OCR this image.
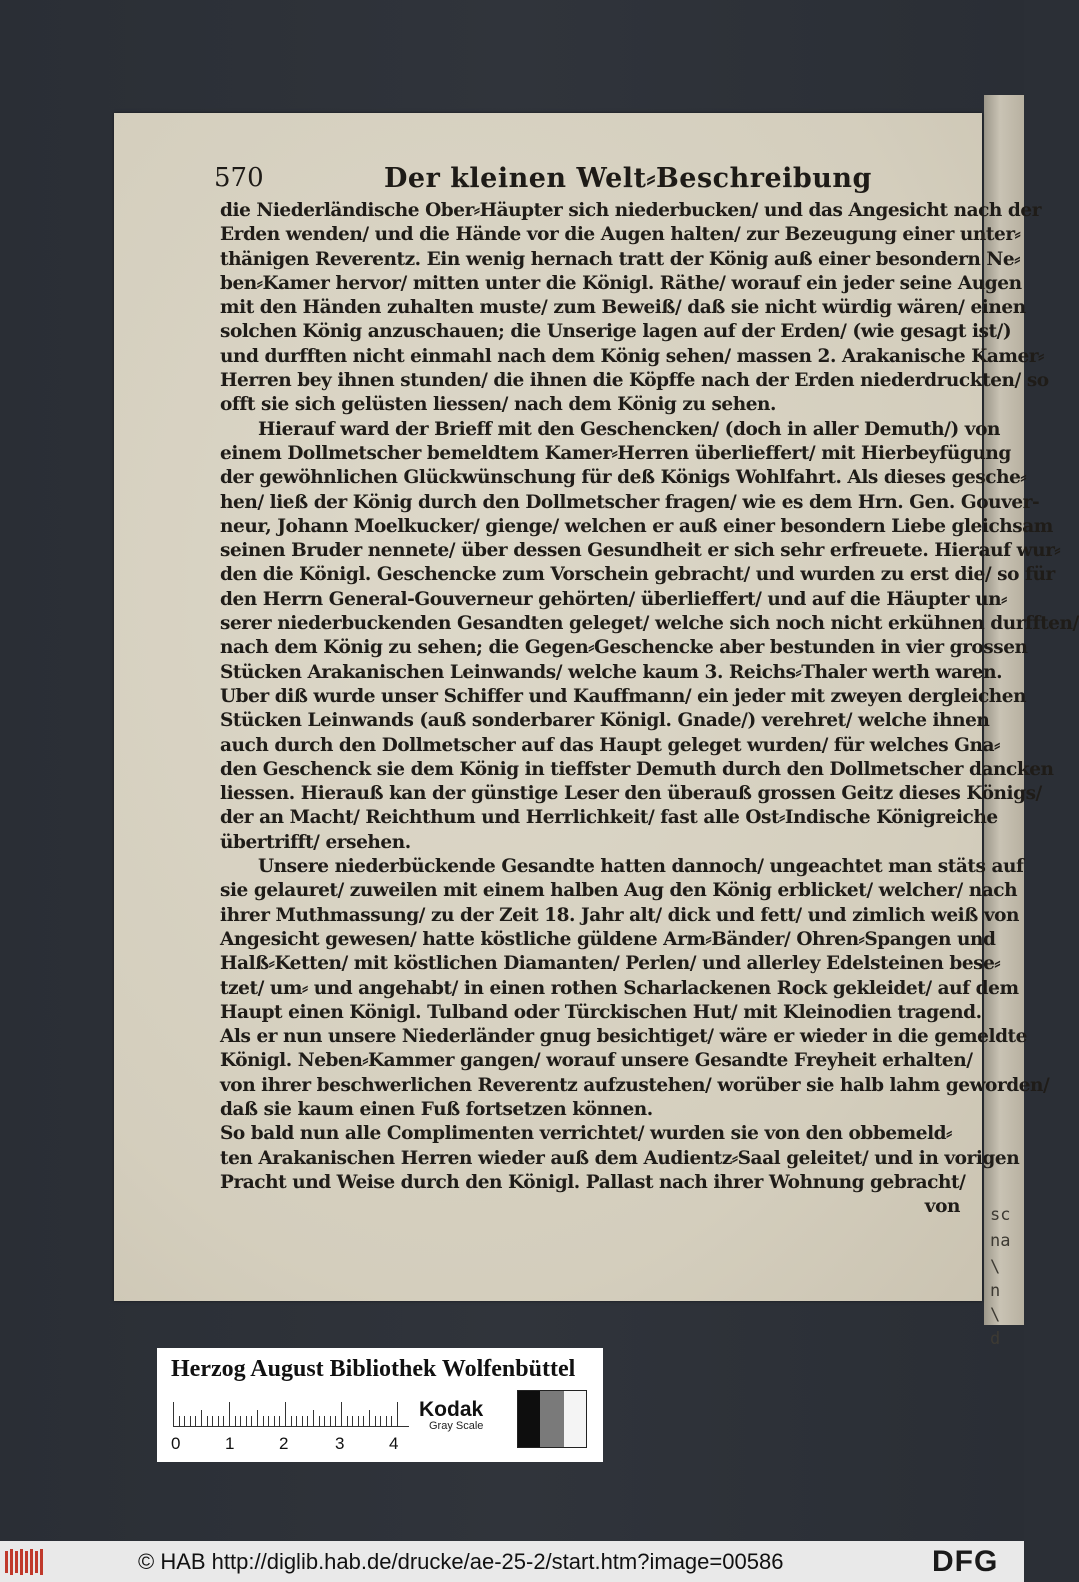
sc
na
\
n
\
d
570	Der kleinen Welt⸗Beschreibung
die Niederländische Ober⸗Häupter sich niederbucken/ und das Angesicht nach der
Erden wenden/ und die Hände vor die Augen halten/ zur Bezeugung einer unter⸗
thänigen Reverentz. Ein wenig hernach tratt der König auß einer besondern Ne⸗
ben⸗Kamer hervor/ mitten unter die Königl. Räthe/ worauf ein jeder seine Augen
mit den Händen zuhalten muste/ zum Beweiß/ daß sie nicht würdig wären/ einen
solchen König anzuschauen; die Unserige lagen auf der Erden/ (wie gesagt ist/)
und durfften nicht einmahl nach dem König sehen/ massen 2. Arakanische Kamer⸗
Herren bey ihnen stunden/ die ihnen die Köpffe nach der Erden niederdruckten/ so
offt sie sich gelüsten liessen/ nach dem König zu sehen.
Hierauf ward der Brieff mit den Geschencken/ (doch in aller Demuth/) von
einem Dollmetscher bemeldtem Kamer⸗Herren überlieffert/ mit Hierbeyfügung
der gewöhnlichen Glückwünschung für deß Königs Wohlfahrt. Als dieses gesche⸗
hen/ ließ der König durch den Dollmetscher fragen/ wie es dem Hrn. Gen. Gouver-
neur, Johann Moelkucker/ gienge/ welchen er auß einer besondern Liebe gleichsam
seinen Bruder nennete/ über dessen Gesundheit er sich sehr erfreuete. Hierauf wur⸗
den die Königl. Geschencke zum Vorschein gebracht/ und wurden zu erst die/ so für
den Herrn General-Gouverneur gehörten/ überlieffert/ und auf die Häupter un⸗
serer niederbuckenden Gesandten geleget/ welche sich noch nicht erkühnen durfften/
nach dem König zu sehen; die Gegen⸗Geschencke aber bestunden in vier grossen
Stücken Arakanischen Leinwands/ welche kaum 3. Reichs⸗Thaler werth waren.
Uber diß wurde unser Schiffer und Kauffmann/ ein jeder mit zweyen dergleichen
Stücken Leinwands (auß sonderbarer Königl. Gnade/) verehret/ welche ihnen
auch durch den Dollmetscher auf das Haupt geleget wurden/ für welches Gna⸗
den Geschenck sie dem König in tieffster Demuth durch den Dollmetscher dancken
liessen. Hierauß kan der günstige Leser den überauß grossen Geitz dieses Königs/
der an Macht/ Reichthum und Herrlichkeit/ fast alle Ost⸗Indische Königreiche
übertrifft/ ersehen.
Unsere niederbückende Gesandte hatten dannoch/ ungeachtet man stäts auf
sie gelauret/ zuweilen mit einem halben Aug den König erblicket/ welcher/ nach
ihrer Muthmassung/ zu der Zeit 18. Jahr alt/ dick und fett/ und zimlich weiß von
Angesicht gewesen/ hatte köstliche güldene Arm⸗Bänder/ Ohren⸗Spangen und
Halß⸗Ketten/ mit köstlichen Diamanten/ Perlen/ und allerley Edelsteinen bese⸗
tzet/ um⸗ und angehabt/ in einen rothen Scharlackenen Rock gekleidet/ auf dem
Haupt einen Königl. Tulband oder Türckischen Hut/ mit Kleinodien tragend.
Als er nun unsere Niederländer gnug besichtiget/ wäre er wieder in die gemeldte
Königl. Neben⸗Kammer gangen/ worauf unsere Gesandte Freyheit erhalten/
von ihrer beschwerlichen Reverentz aufzustehen/ worüber sie halb lahm geworden/
daß sie kaum einen Fuß fortsetzen können.
So bald nun alle Complimenten verrichtet/ wurden sie von den obbemeld⸗
ten Arakanischen Herren wieder auß dem Audientz⸗Saal geleitet/ und in vorigen
Pracht und Weise durch den Königl. Pallast nach ihrer Wohnung gebracht/
von
Herzog August Bibliothek Wolfenbüttel
0	1	2	3	4
Kodak
Gray Scale
© HAB http://diglib.hab.de/drucke/ae-25-2/start.htm?image=00586	DFG
